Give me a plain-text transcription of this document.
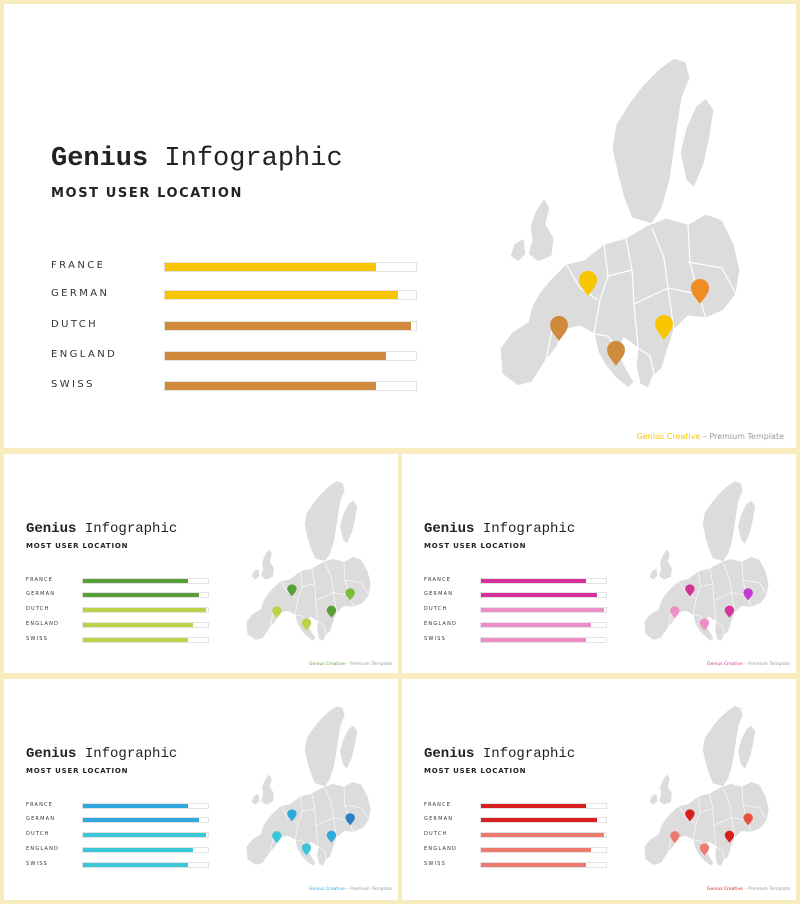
Genius Infographic
MOST USER LOCATION
FRANCE
GERMAN
DUTCH
ENGLAND
SWISS
Genius Creative – Premium Template
Genius Infographic
MOST USER LOCATION
FRANCE
GERMAN
DUTCH
ENGLAND
SWISS
Genius Creative – Premium Template
Genius Infographic
MOST USER LOCATION
FRANCE
GERMAN
DUTCH
ENGLAND
SWISS
Genius Creative – Premium Template
Genius Infographic
MOST USER LOCATION
FRANCE
GERMAN
DUTCH
ENGLAND
SWISS
Genius Creative – Premium Template
Genius Infographic
MOST USER LOCATION
FRANCE
GERMAN
DUTCH
ENGLAND
SWISS
Genius Creative – Premium Template
